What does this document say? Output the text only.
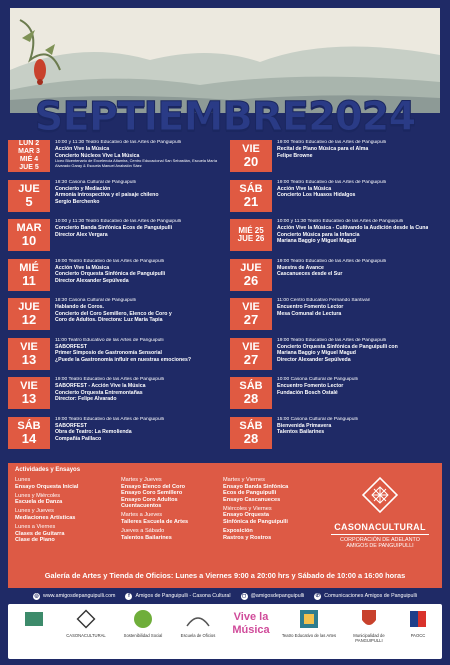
SEPTIEMBRE2024
LUN 2
MAR 3
MIÉ 4
JUE 5
10:00 y 11:30 Teatro Educativo de las Artes de Panguipulli
Acción Vive la Música
Concierto Núcleos Vive La Música
Liceo Bicentenario de Excelencia Altamira, Centro Educacional San Sebastián, Escuela María Alvarado Garay & Escuela Manuel Anabalón Sáez
JUE
5
18:30 Casona Cultural de Panguipulli
Concierto y Mediación
Armonía introspectiva y el paisaje chileno
Sergio Berchenko
MAR
10
10:00 y 11:30 Teatro Educativo de las Artes de Panguipulli
Concierto Banda Sinfónica Ecos de Panguipulli
Director Alex Vergara
MIÉ
11
19:00 Teatro Educativo de las Artes de Panguipulli
Acción Vive la Música
Concierto Orquesta Sinfónica de Panguipulli
Director Alexander Sepúlveda
JUE
12
18:30 Casona Cultural de Panguipulli
Hablando de Coros.
Concierto del Coro Semillero, Elenco de Coro y
Coro de Adultos. Directora: Luz María Tapia
VIE
13
11:00 Teatro Educativo de las Artes de Panguipulli
SABORFEST
Primer Simposio de Gastronomía Sensorial
¿Puede la Gastronomía influir en nuestras emociones?
VIE
13
19:00 Teatro Educativo de las Artes de Panguipulli
SABORFEST - Acción Vive la Música
Concierto Orquesta Entremontañas
Director: Felipe Alvarado
SÁB
14
19:00 Teatro Educativo de las Artes de Panguipulli
SABORFEST
Obra de Teatro: La Remolienda
Compañía Paillaco
VIE
20
19:00 Teatro Educativo de las Artes de Panguipulli
Recital de Piano Música para el Alma
Felipe Browne
SÁB
21
19:00 Teatro Educativo de las Artes de Panguipulli
Acción Vive la Música
Concierto Los Huasos Hidalgos
MIÉ 25
JUE 26
10:00 y 11:30 Teatro Educativo de las Artes de Panguipulli
Acción Vive la Música - Cultivando la Audición desde la Cuna
Concierto Música para la Infancia
Mariana Baggio y Miguel Magud
JUE
26
19:00 Teatro Educativo de las Artes de Panguipulli
Muestra de Avance
Cascanueces desde el Sur
VIE
27
11:00 Centro Educativo Fernando Santiván
Encuentro Fomento Lector
Mesa Comunal de Lectura
VIE
27
19:00 Teatro Educativo de las Artes de Panguipulli
Concierto Orquesta Sinfónica de Panguipulli con
Mariana Baggio y Miguel Magud
Director Alexander Sepúlveda
SÁB
28
10:00 Casona Cultural de Panguipulli
Encuentro Fomento Lector
Fundación Bosch Ostalé
SÁB
28
15:00 Casona Cultural de Panguipulli
Bienvenida Primavera
Talentos Bailarines
Actividades y Ensayos
Lunes
Ensayo Orquesta Inicial
Lunes y Miércoles
Escuela de Danza
Lunes y Jueves
Mediaciones Artísticas
Lunes a Viernes
Clases de Guitarra
Clase de Piano
Martes y Jueves
Ensayo Elenco del Coro
Ensayo Coro Semillero
Ensayo Coro Adultos
Cuentacuentos
Martes a Jueves
Talleres Escuela de Artes
Jueves a Sábado
Talentos Bailarines
Martes y Viernes
Ensayo Banda Sinfónica
Ecos de Panguipulli
Ensayo Cascanueces
Miércoles y Viernes
Ensayo Orquesta
Sinfónica de Panguipulli
Exposición
Rastros y Rostros
CASONACULTURAL
CORPORACIÓN DE ADELANTO
AMIGOS DE PANGUIPULLI
Galería de Artes y Tienda de Oficios: Lunes a Viernes 9:00 a 20:00 hrs y Sábado de 10:00 a 16:00 horas
◎ www.amigosdepanguipulli.com	f	Amigos de Panguipulli - Casona Cultural ◻ @amigosdepanguipulli ✆ Comunicaciones Amigos de Panguipulli
CASONACULTURAL	Sostenibilidad Social	Escuela de Oficios
Vive la Música	Teatro Educativo de las Artes	Municipalidad de PANGUIPULLI
PAOCC
